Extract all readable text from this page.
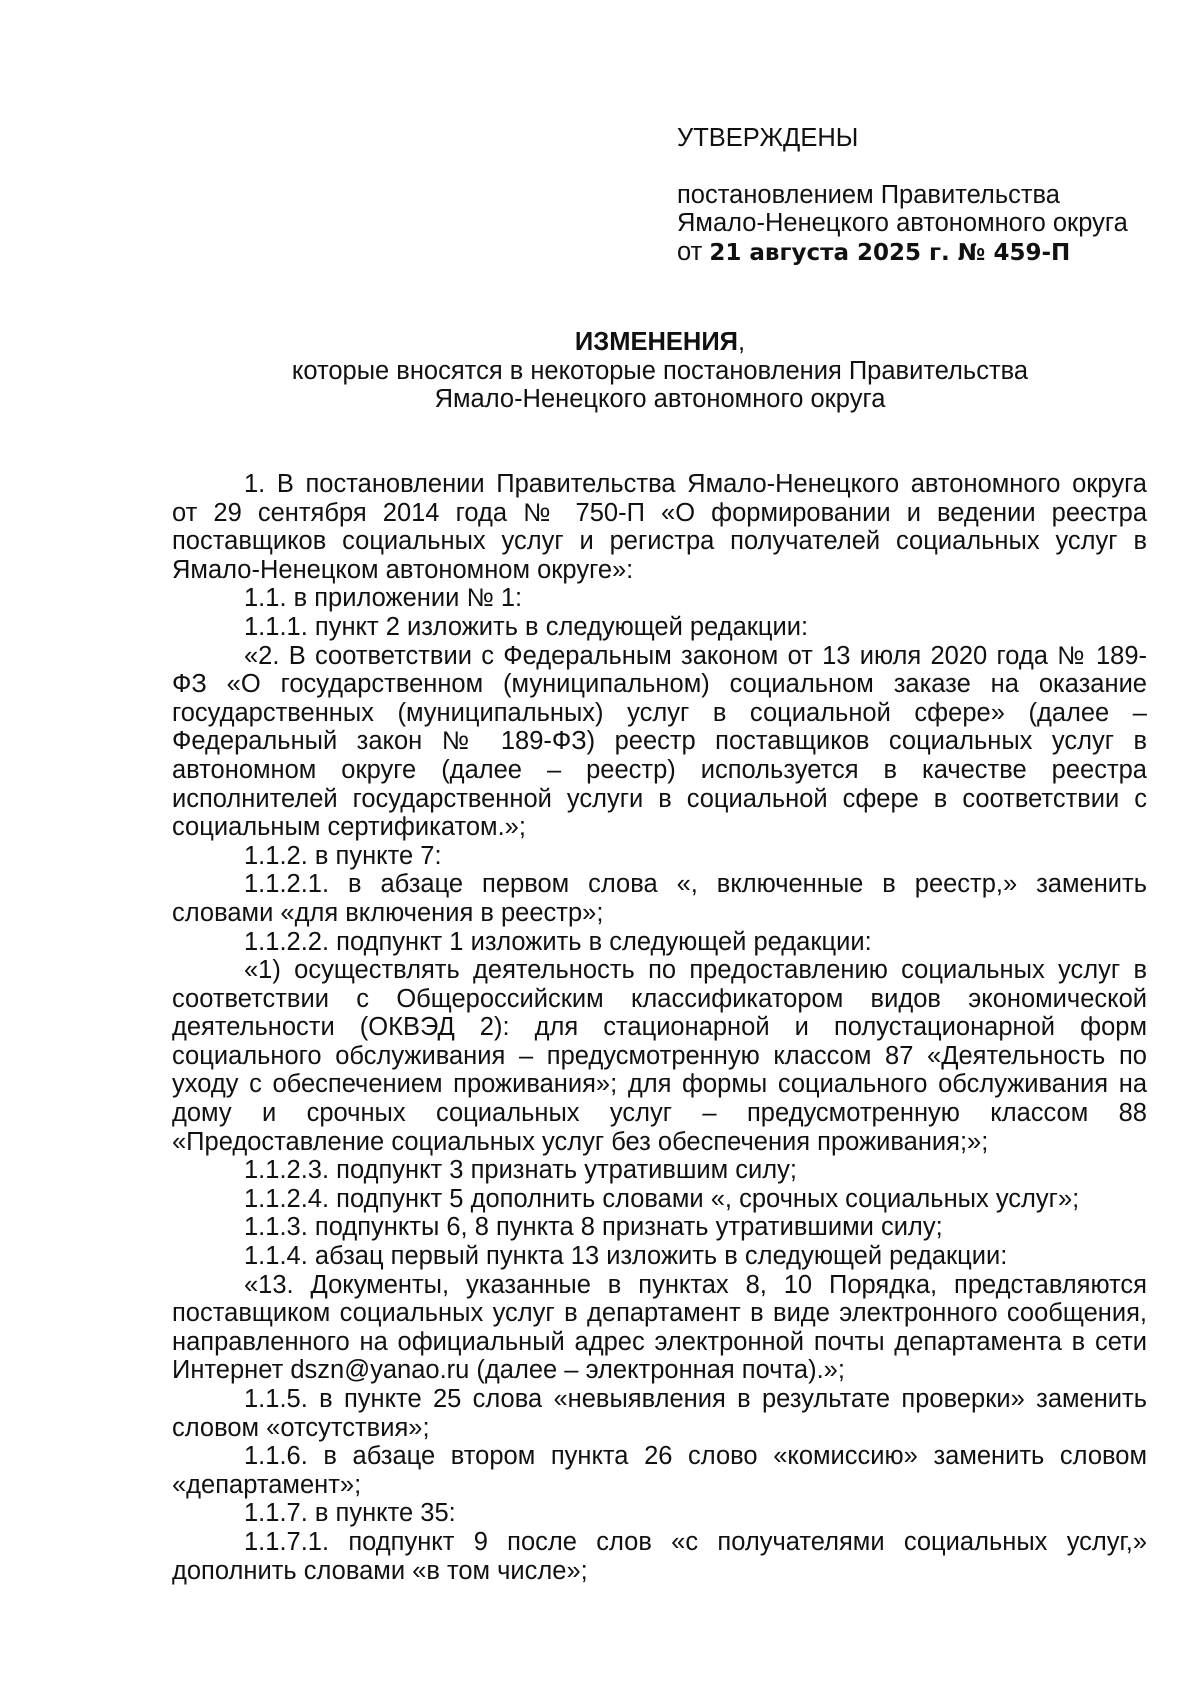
УТВЕРЖДЕНЫ
постановлением Правительства
Ямало-Ненецкого автономного округа
от 21 августа 2025 г. № 459-П
ИЗМЕНЕНИЯ,
которые вносятся в некоторые постановления Правительства
Ямало-Ненецкого автономного округа

1. В постановлении Правительства Ямало-Ненецкого автономного округа от 29 сентября 2014 года № 750-П «О формировании и ведении реестра поставщиков социальных услуг и регистра получателей социальных услуг в Ямало-Ненецком автономном округе»:

1.1. в приложении № 1:

1.1.1. пункт 2 изложить в следующей редакции:

«2. В соответствии с Федеральным законом от 13 июля 2020 года № 189-ФЗ «О государственном (муниципальном) социальном заказе на оказание государственных (муниципальных) услуг в социальной сфере» (далее – Федеральный закон № 189-ФЗ) реестр поставщиков социальных услуг в автономном округе (далее – реестр) используется в качестве реестра исполнителей государственной услуги в социальной сфере в соответствии с социальным сертификатом.»;

1.1.2. в пункте 7:

1.1.2.1. в абзаце первом слова «, включенные в реестр,» заменить словами «для включения в реестр»;

1.1.2.2. подпункт 1 изложить в следующей редакции:

«1) осуществлять деятельность по предоставлению социальных услуг в соответствии с Общероссийским классификатором видов экономической деятельности (ОКВЭД 2): для стационарной и полустационарной форм социального обслуживания – предусмотренную классом 87 «Деятельность по уходу с обеспечением проживания»; для формы социального обслуживания на дому и срочных социальных услуг – предусмотренную классом 88 «Предоставление социальных услуг без обеспечения проживания;»;

1.1.2.3. подпункт 3 признать утратившим силу;

1.1.2.4. подпункт 5 дополнить словами «, срочных социальных услуг»;

1.1.3. подпункты 6, 8 пункта 8 признать утратившими силу;

1.1.4. абзац первый пункта 13 изложить в следующей редакции:

«13. Документы, указанные в пунктах 8, 10 Порядка, представляются поставщиком социальных услуг в департамент в виде электронного сообщения, направленного на официальный адрес электронной почты департамента в сети Интернет dszn@yanao.ru (далее – электронная почта).»;

1.1.5. в пункте 25 слова «невыявления в результате проверки» заменить словом «отсутствия»;

1.1.6. в абзаце втором пункта 26 слово «комиссию» заменить словом «департамент»;

1.1.7. в пункте 35:

1.1.7.1. подпункт 9 после слов «с получателями социальных услуг,» дополнить словами «в том числе»;
